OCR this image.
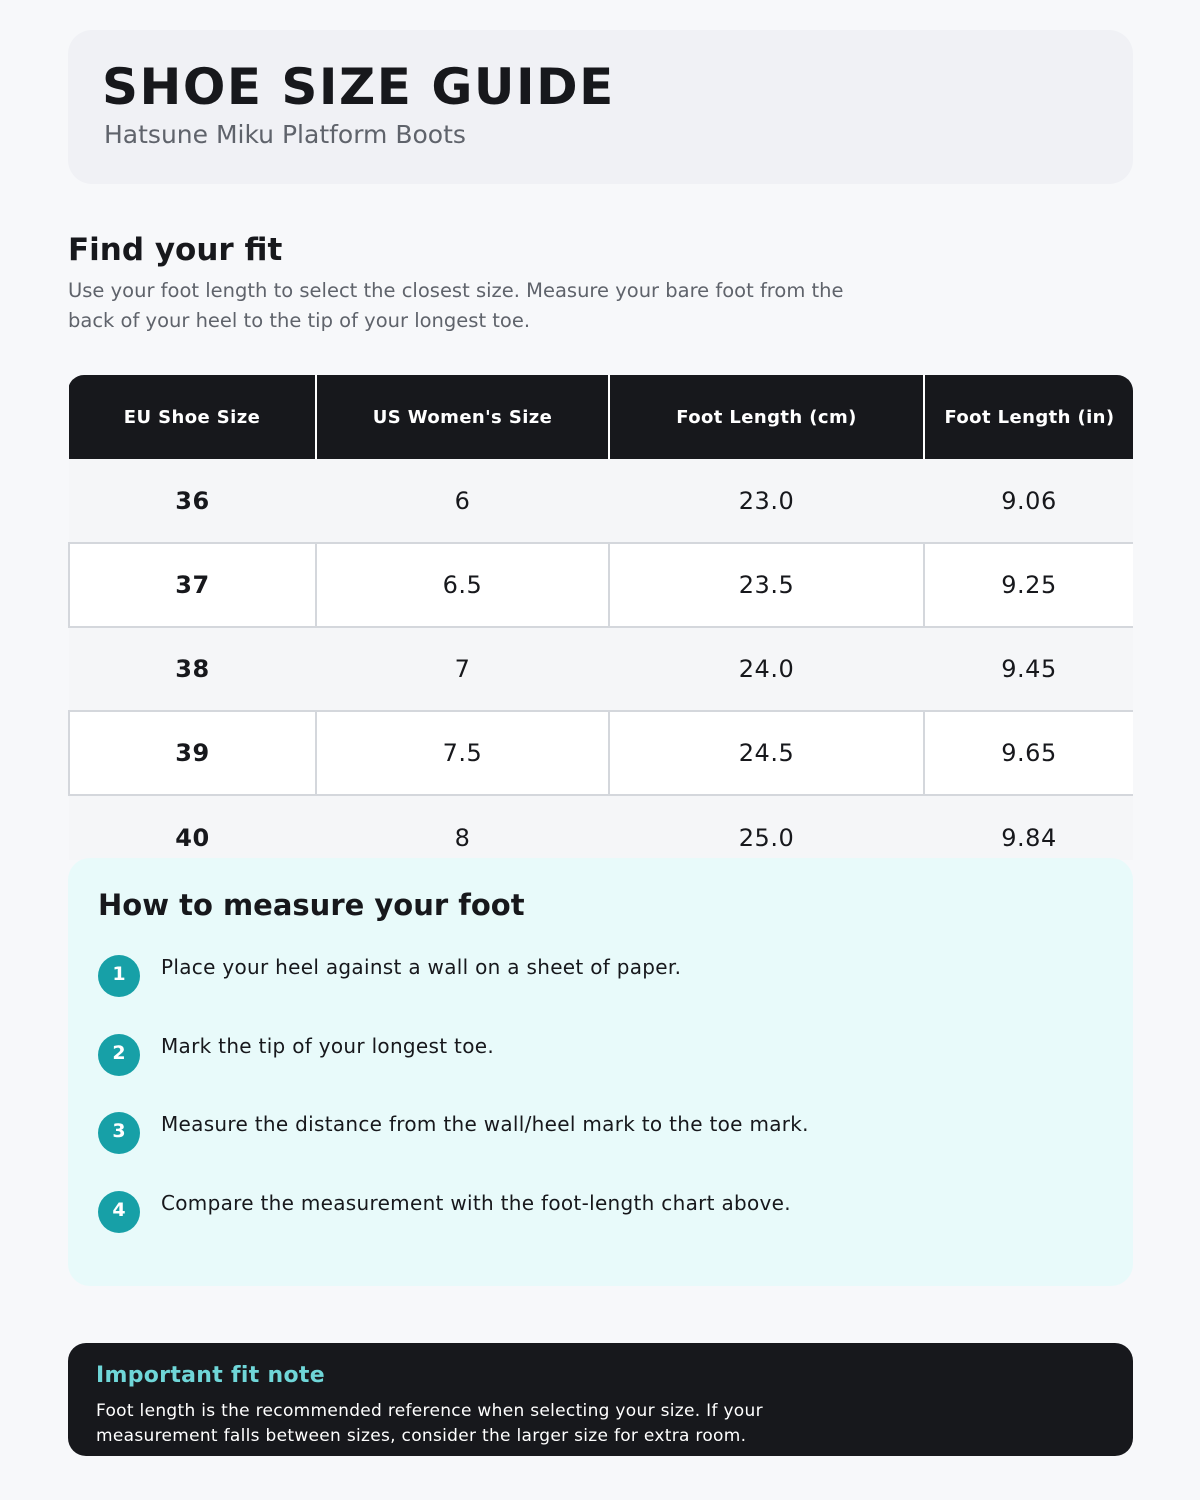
SHOE SIZE GUIDE
Hatsune Miku Platform Boots
Find your fit
Use your foot length to select the closest size. Measure your bare foot from the back of your heel to the tip of your longest toe.
EU Shoe Size	US Women's Size	Foot Length (cm)	Foot Length (in)
36	6	23.0	9.06
37	6.5	23.5	9.25
38	7	24.0	9.45
39	7.5	24.5	9.65
40	8	25.0	9.84
How to measure your foot
1	Place your heel against a wall on a sheet of paper.
2	Mark the tip of your longest toe.
3	Measure the distance from the wall/heel mark to the toe mark.
4	Compare the measurement with the foot-length chart above.
Important fit note
Foot length is the recommended reference when selecting your size. If your measurement falls between sizes, consider the larger size for extra room.
